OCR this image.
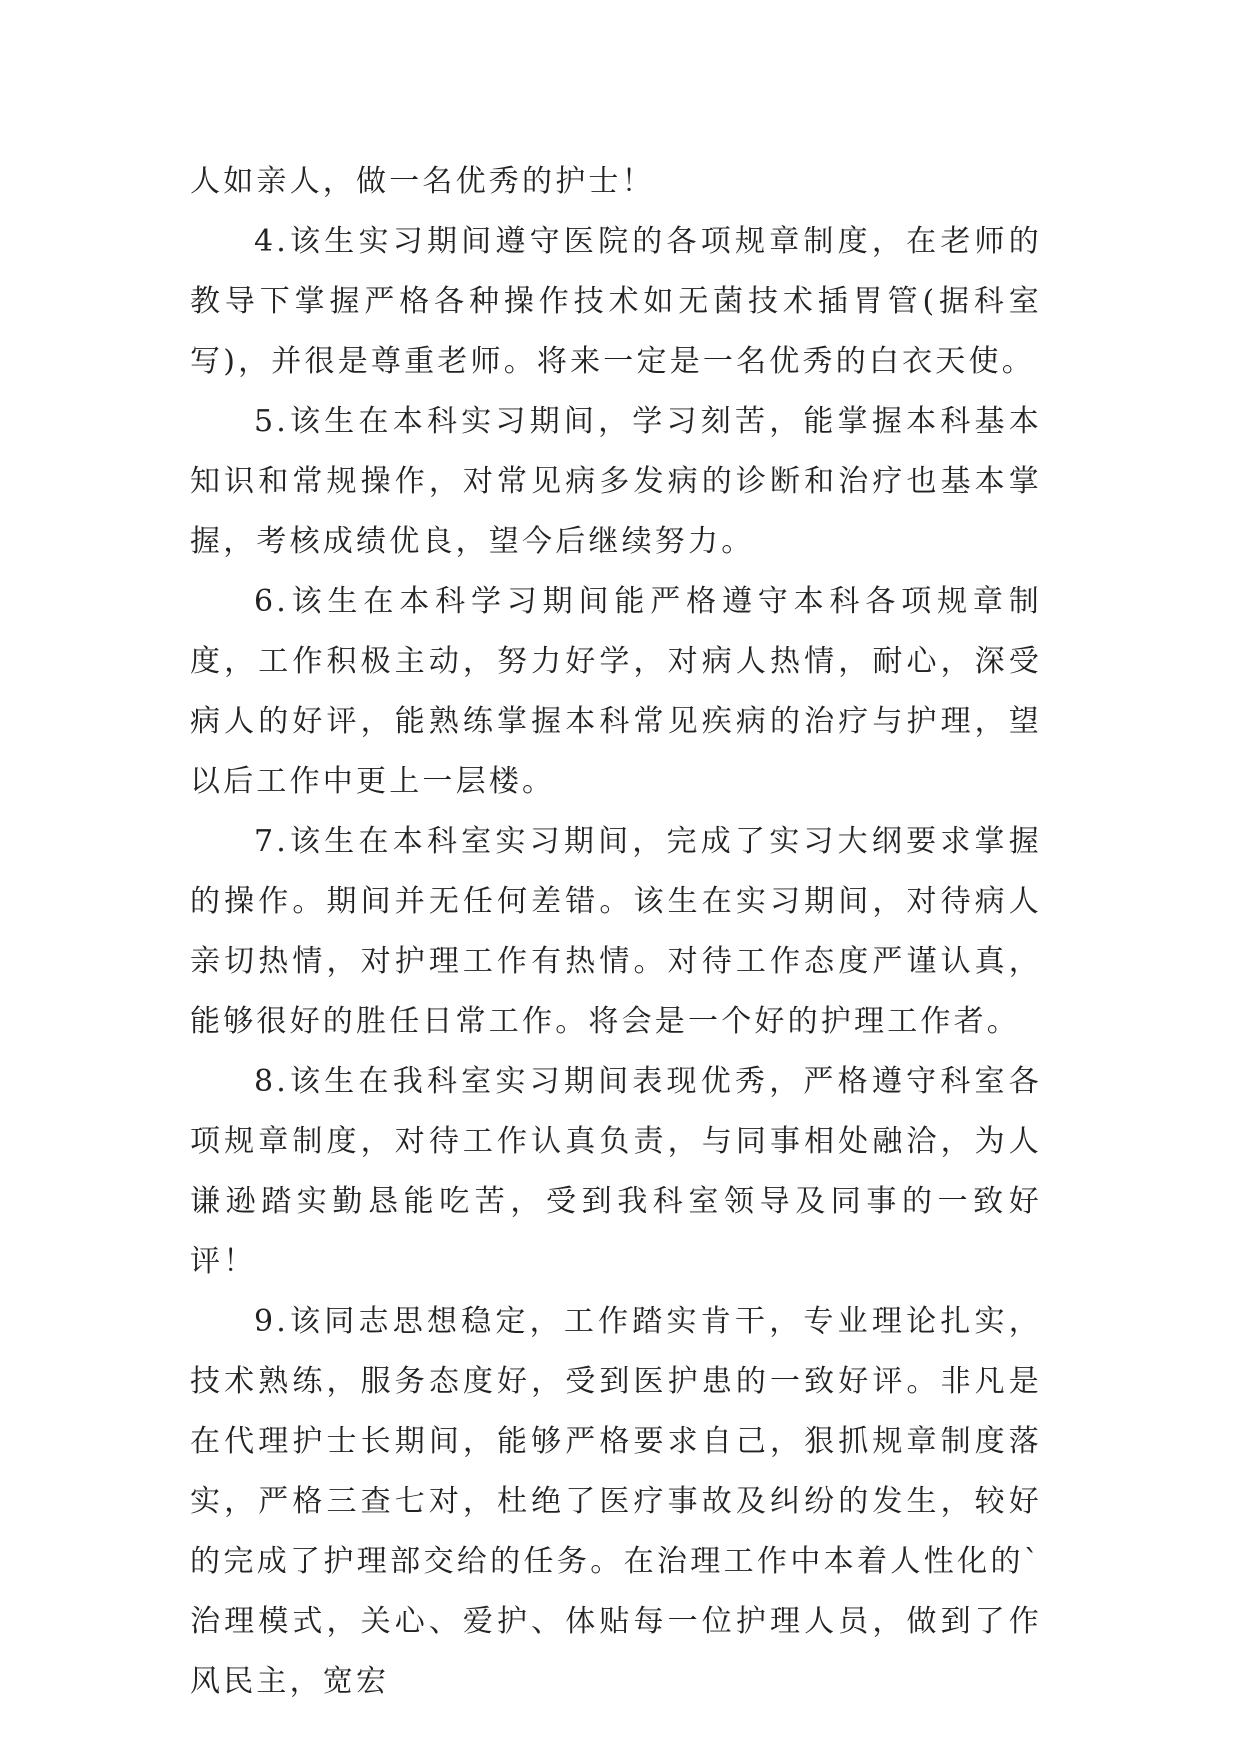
人如亲人，做一名优秀的护士！

4.该生实习期间遵守医院的各项规章制度，在老师的教导下掌握严格各种操作技术如无菌技术插胃管(据科室写)，并很是尊重老师。将来一定是一名优秀的白衣天使。

5.该生在本科实习期间，学习刻苦，能掌握本科基本知识和常规操作，对常见病多发病的诊断和治疗也基本掌握，考核成绩优良，望今后继续努力。

6.该生在本科学习期间能严格遵守本科各项规章制度，工作积极主动，努力好学，对病人热情，耐心，深受病人的好评，能熟练掌握本科常见疾病的治疗与护理，望以后工作中更上一层楼。

7.该生在本科室实习期间，完成了实习大纲要求掌握的操作。期间并无任何差错。该生在实习期间，对待病人亲切热情，对护理工作有热情。对待工作态度严谨认真，能够很好的胜任日常工作。将会是一个好的护理工作者。

8.该生在我科室实习期间表现优秀，严格遵守科室各项规章制度，对待工作认真负责，与同事相处融洽，为人谦逊踏实勤恳能吃苦，受到我科室领导及同事的一致好评！

9.该同志思想稳定，工作踏实肯干，专业理论扎实，技术熟练，服务态度好，受到医护患的一致好评。非凡是在代理护士长期间，能够严格要求自己，狠抓规章制度落实，严格三查七对，杜绝了医疗事故及纠纷的发生，较好的完成了护理部交给的任务。在治理工作中本着人性化的`治理模式，关心、爱护、体贴每一位护理人员，做到了作风民主，宽宏
